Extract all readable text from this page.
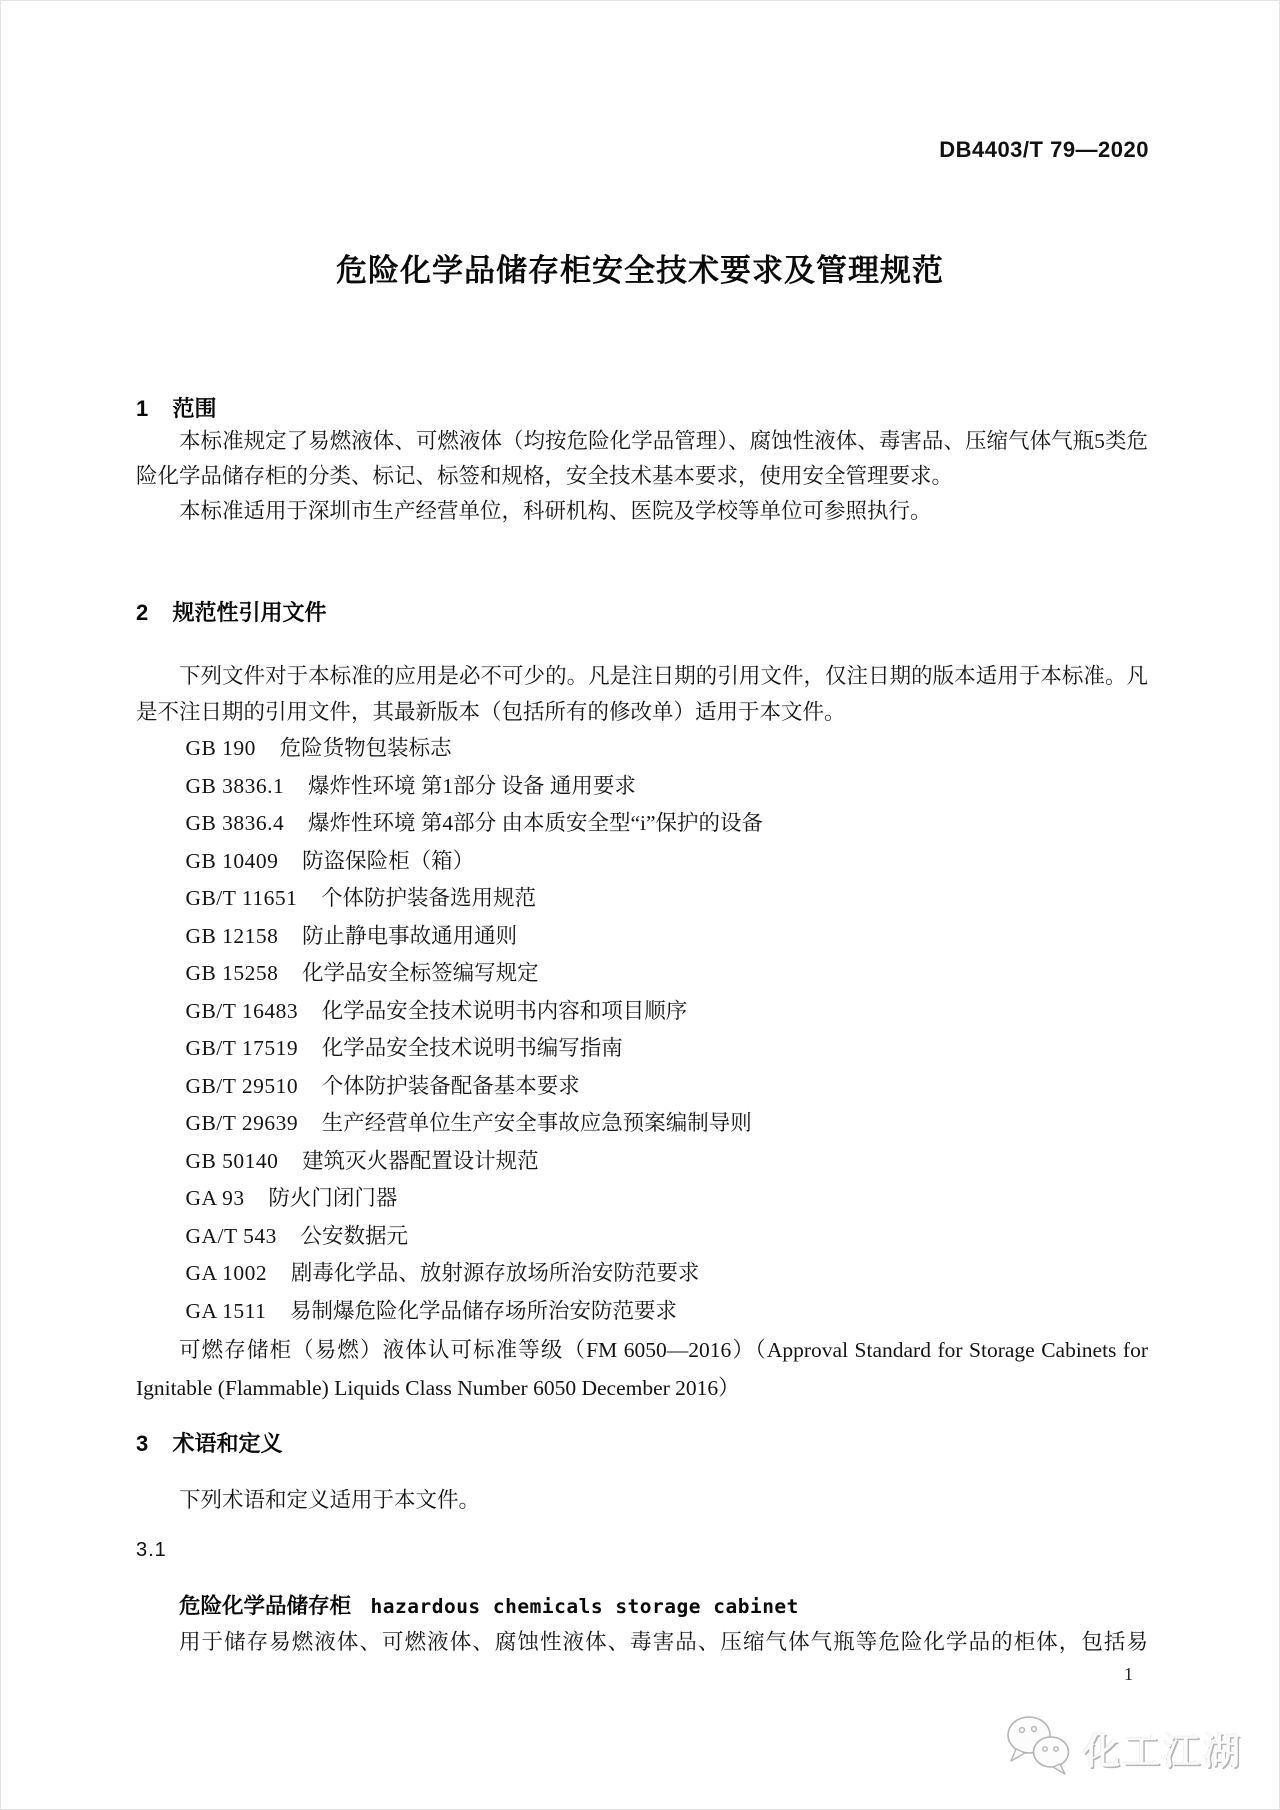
DB4403/T 79—2020
危险化学品储存柜安全技术要求及管理规范
1 范围

本标准规定了易燃液体、可燃液体（均按危险化学品管理）、腐蚀性液体、毒害品、压缩气体气瓶5类危险化学品储存柜的分类、标记、标签和规格，安全技术基本要求，使用安全管理要求。

本标准适用于深圳市生产经营单位，科研机构、医院及学校等单位可参照执行。

2 规范性引用文件

下列文件对于本标准的应用是必不可少的。凡是注日期的引用文件，仅注日期的版本适用于本标准。凡是不注日期的引用文件，其最新版本（包括所有的修改单）适用于本文件。

GB 190 危险货物包装标志
GB 3836.1 爆炸性环境 第1部分 设备 通用要求
GB 3836.4 爆炸性环境 第4部分 由本质安全型“i”保护的设备
GB 10409 防盗保险柜（箱）
GB/T 11651 个体防护装备选用规范
GB 12158 防止静电事故通用通则
GB 15258 化学品安全标签编写规定
GB/T 16483 化学品安全技术说明书内容和项目顺序
GB/T 17519 化学品安全技术说明书编写指南
GB/T 29510 个体防护装备配备基本要求
GB/T 29639 生产经营单位生产安全事故应急预案编制导则
GB 50140 建筑灭火器配置设计规范
GA 93 防火门闭门器
GA/T 543 公安数据元
GA 1002 剧毒化学品、放射源存放场所治安防范要求
GA 1511 易制爆危险化学品储存场所治安防范要求
可燃存储柜（易燃）液体认可标准等级（FM 6050—2016）（Approval Standard for Storage Cabinets for Ignitable (Flammable) Liquids Class Number 6050 December 2016）
3 术语和定义

下列术语和定义适用于本文件。

3.1
危险化学品储存柜 hazardous chemicals storage cabinet
用于储存易燃液体、可燃液体、腐蚀性液体、毒害品、压缩气体气瓶等危险化学品的柜体，包括易
1
化工江湖
